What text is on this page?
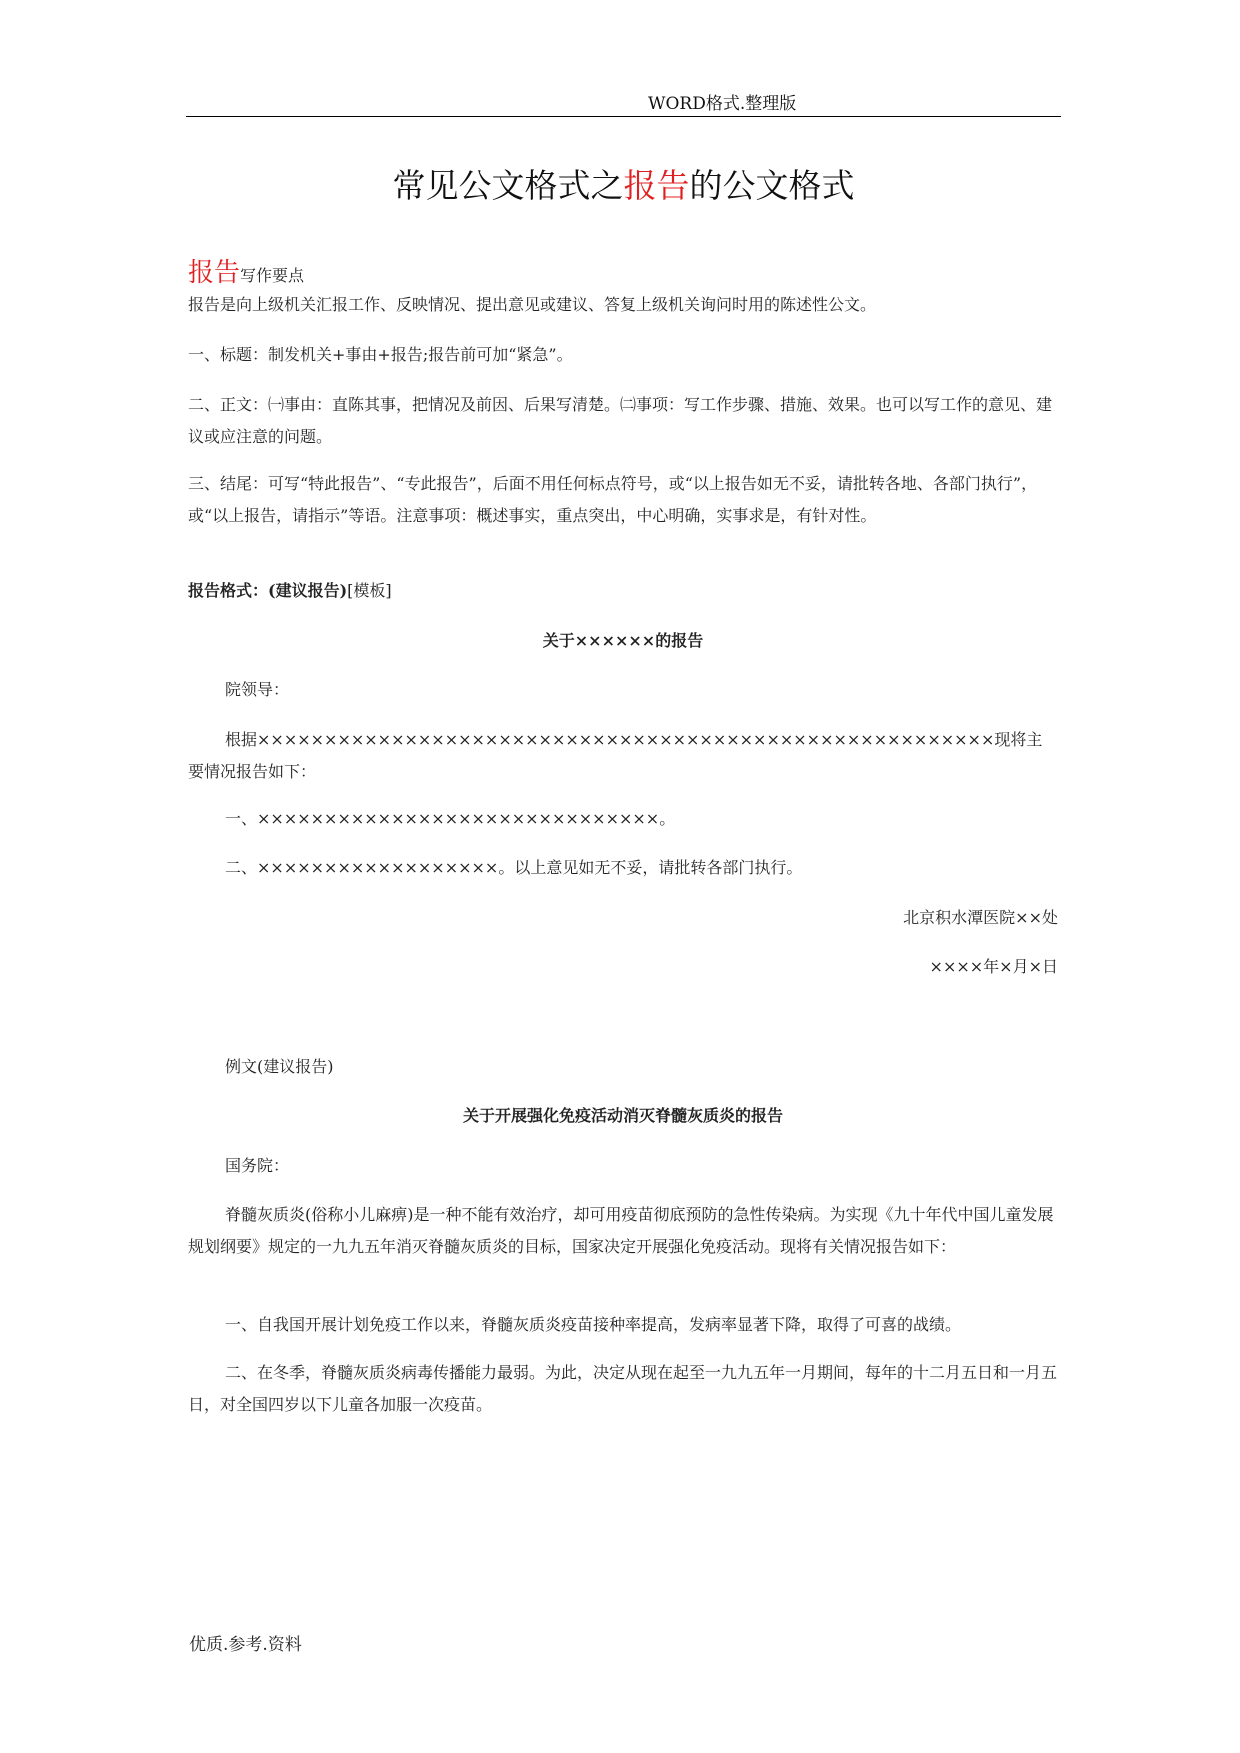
WORD格式.整理版
常见公文格式之报告的公文格式
报告写作要点
报告是向上级机关汇报工作、反映情况、提出意见或建议、答复上级机关询问时用的陈述性公文。
一、标题：制发机关+事由+报告;报告前可加“紧急”。
二、正文：㈠事由：直陈其事，把情况及前因、后果写清楚。㈡事项：写工作步骤、措施、效果。也可以写工作的意见、建议或应注意的问题。
三、结尾：可写“特此报告”、“专此报告”，后面不用任何标点符号，或“以上报告如无不妥，请批转各地、各部门执行”，或“以上报告，请指示”等语。注意事项：概述事实，重点突出，中心明确，实事求是，有针对性。
报告格式：(建议报告)[模板]
关于××××××的报告
院领导：
根据×××××××××××××××××××××××××××××××××××××××××××××××××××××××现将主要情况报告如下：
一、××××××××××××××××××××××××××××××。
二、××××××××××××××××××。以上意见如无不妥，请批转各部门执行。
北京积水潭医院××处
××××年×月×日
例文(建议报告)
关于开展强化免疫活动消灭脊髓灰质炎的报告
国务院：
脊髓灰质炎(俗称小儿麻痹)是一种不能有效治疗，却可用疫苗彻底预防的急性传染病。为实现《九十年代中国儿童发展规划纲要》规定的一九九五年消灭脊髓灰质炎的目标，国家决定开展强化免疫活动。现将有关情况报告如下：
一、自我国开展计划免疫工作以来，脊髓灰质炎疫苗接种率提高，发病率显著下降，取得了可喜的战绩。
二、在冬季，脊髓灰质炎病毒传播能力最弱。为此，决定从现在起至一九九五年一月期间，每年的十二月五日和一月五日，对全国四岁以下儿童各加服一次疫苗。
优质.参考.资料
